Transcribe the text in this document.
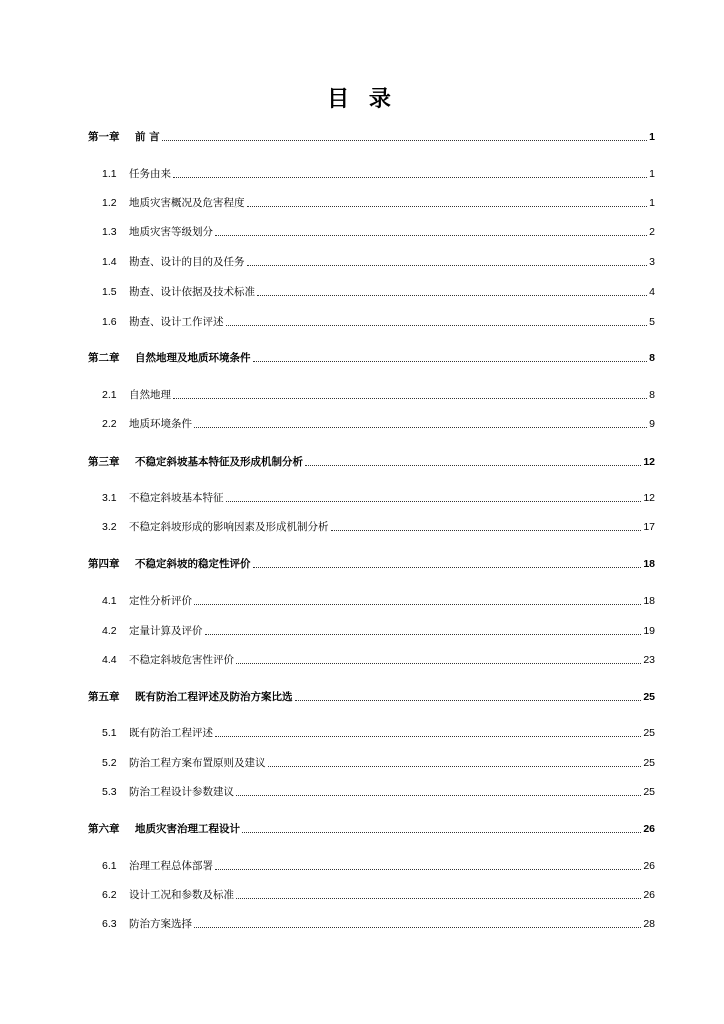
目 录
第一章	前 言	1
1.1	任务由来	1
1.2	地质灾害概况及危害程度	1
1.3	地质灾害等级划分	2
1.4	勘查、设计的目的及任务	3
1.5	勘查、设计依据及技术标准	4
1.6	勘查、设计工作评述	5
第二章	自然地理及地质环境条件	8
2.1	自然地理	8
2.2	地质环境条件	9
第三章	不稳定斜坡基本特征及形成机制分析	12
3.1	不稳定斜坡基本特征	12
3.2	不稳定斜坡形成的影响因素及形成机制分析	17
第四章	不稳定斜坡的稳定性评价	18
4.1	定性分析评价	18
4.2	定量计算及评价	19
4.4	不稳定斜坡危害性评价	23
第五章	既有防治工程评述及防治方案比选	25
5.1	既有防治工程评述	25
5.2	防治工程方案布置原则及建议	25
5.3	防治工程设计参数建议	25
第六章	地质灾害治理工程设计	26
6.1	治理工程总体部署	26
6.2	设计工况和参数及标准	26
6.3	防治方案选择	28
